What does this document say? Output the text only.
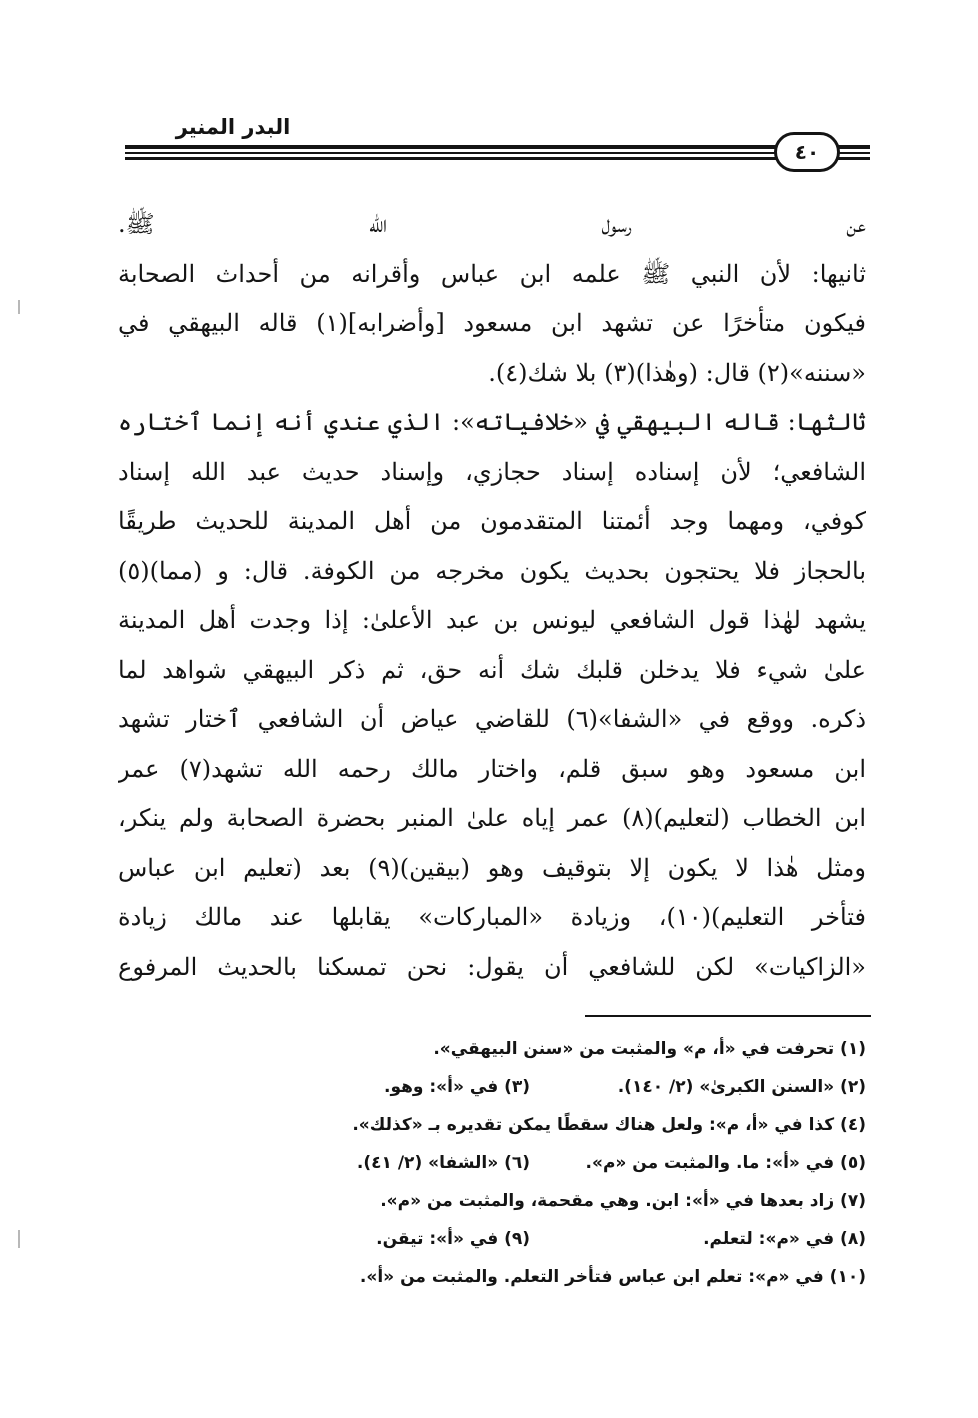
البدر المنير
٤٠
عن رسول الله ﷺ.
ثانيها: لأن النبي ﷺ علمه ابن عباس وأقرانه من أحداث الصحابة
فيكون متأخرًا عن تشهد ابن مسعود [وأضرابه](١) قاله البيهقي في
«سننه»(٢) قال: (وهٰذا)(٣) بلا شك(٤).
ثالثها: قاله البيهقي في «خلافياته»: الذي عندي أنه إنما ٱختاره
الشافعي؛ لأن إسناده إسناد حجازي، وإسناد حديث عبد الله إسناد
كوفي، ومهما وجد أئمتنا المتقدمون من أهل المدينة للحديث طريقًا
بالحجاز فلا يحتجون بحديث يكون مخرجه من الكوفة. قال: و (مما)(٥)
يشهد لهٰذا قول الشافعي ليونس بن عبد الأعلىٰ: إذا وجدت أهل المدينة
علىٰ شيء فلا يدخلن قلبك شك أنه حق، ثم ذكر البيهقي شواهد لما
ذكره. ووقع في «الشفا»(٦) للقاضي عياض أن الشافعي ٱختار تشهد
ابن مسعود وهو سبق قلم، واختار مالك رحمه الله تشهد(٧) عمر
ابن الخطاب (لتعليم)(٨) عمر إياه علىٰ المنبر بحضرة الصحابة ولم ينكر،
ومثل هٰذا لا يكون إلا بتوقيف وهو (بيقين)(٩) بعد (تعليم ابن عباس
فتأخر التعليم)(١٠)، وزيادة «المباركات» يقابلها عند مالك زيادة
«الزاكيات» لكن للشافعي أن يقول: نحن تمسكنا بالحديث المرفوع
(١) تحرفت في «أ، م» والمثبت من «سنن البيهقي».
(٢) «السنن الكبرىٰ» (٢/ ١٤٠). (٣) في «أ»: وهو.
(٤) كذا في «أ، م»: ولعل هناك سقطًا يمكن تقديره بـ «كذلك».
(٥) في «أ»: ما. والمثبت من «م». (٦) «الشفا» (٢/ ٤١).
(٧) زاد بعدها في «أ»: ابن. وهي مقحمة، والمثبت من «م».
(٨) في «م»: لتعلم. (٩) في «أ»: تيقن.
(١٠) في «م»: تعلم ابن عباس فتأخر التعلم. والمثبت من «أ».
